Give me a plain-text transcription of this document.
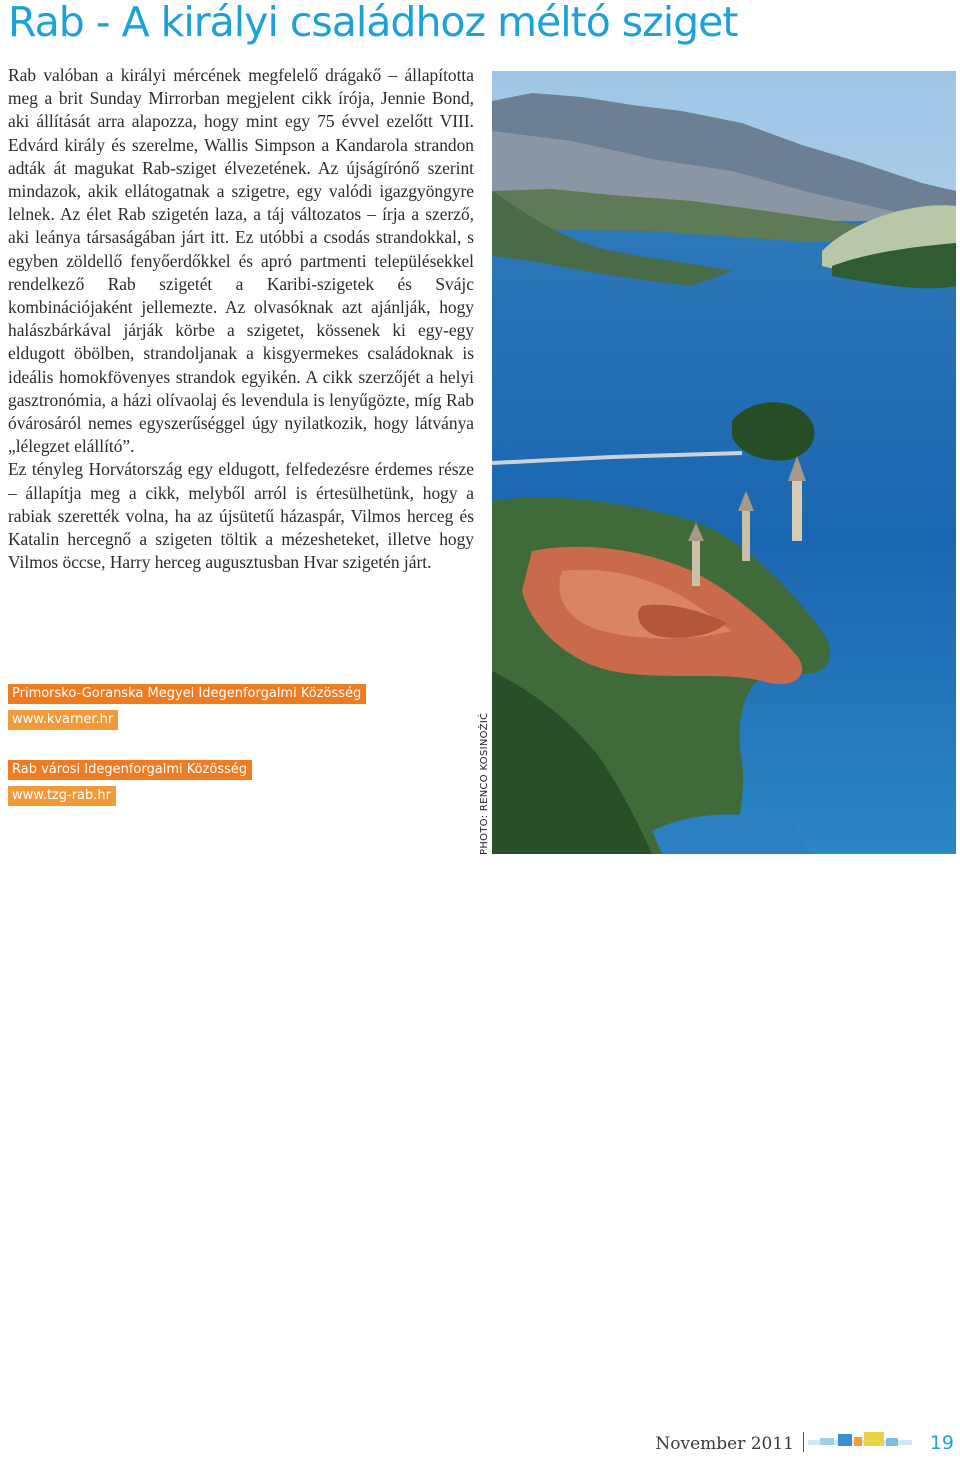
Rab - A királyi családhoz méltó sziget

Rab valóban a királyi mércének megfelelő drágakő – állapította meg a brit Sunday Mirrorban megjelent cikk írója, Jennie Bond, aki állítását arra alapozza, hogy mint egy 75 évvel ezelőtt VIII. Edvárd király és szerelme, Wallis Simpson a Kandarola strandon adták át magukat Rab-sziget élvezetének. Az újságírónő szerint mindazok, akik ellátogatnak a szigetre, egy valódi igazgyöngyre lelnek. Az élet Rab szigetén laza, a táj változatos – írja a szerző, aki leánya társaságában járt itt. Ez utóbbi a csodás strandokkal, s egyben zöldellő fenyőerdőkkel és apró partmenti településekkel rendelkező Rab szigetét a Karibi-szigetek és Svájc kombinációjaként jellemezte. Az olvasóknak azt ajánlják, hogy halászbárkával járják körbe a szigetet, kössenek ki egy-egy eldugott öbölben, strandoljanak a kisgyermekes családoknak is ideális homokfövenyes strandok egyikén. A cikk szerzőjét a helyi gasztronómia, a házi olívaolaj és levendula is lenyűgözte, míg Rab óvárosáról nemes egyszerűséggel úgy nyilatkozik, hogy látványa „lélegzet elállító”.

Ez tényleg Horvátország egy eldugott, felfedezésre érdemes része – állapítja meg a cikk, melyből arról is értesülhetünk, hogy a rabiak szerették volna, ha az újsütetű házaspár, Vilmos herceg és Katalin hercegnő a szigeten töltik a mézesheteket, illetve hogy Vilmos öccse, Harry herceg augusztusban Hvar szigetén járt.

PHOTO: RENCO KOSINOŽIĆ
Primorsko-Goranska Megyei Idegenforgalmi Közösség
www.kvarner.hr
Rab városi Idegenforgalmi Közösség
www.tzg-rab.hr
November 2011	19
